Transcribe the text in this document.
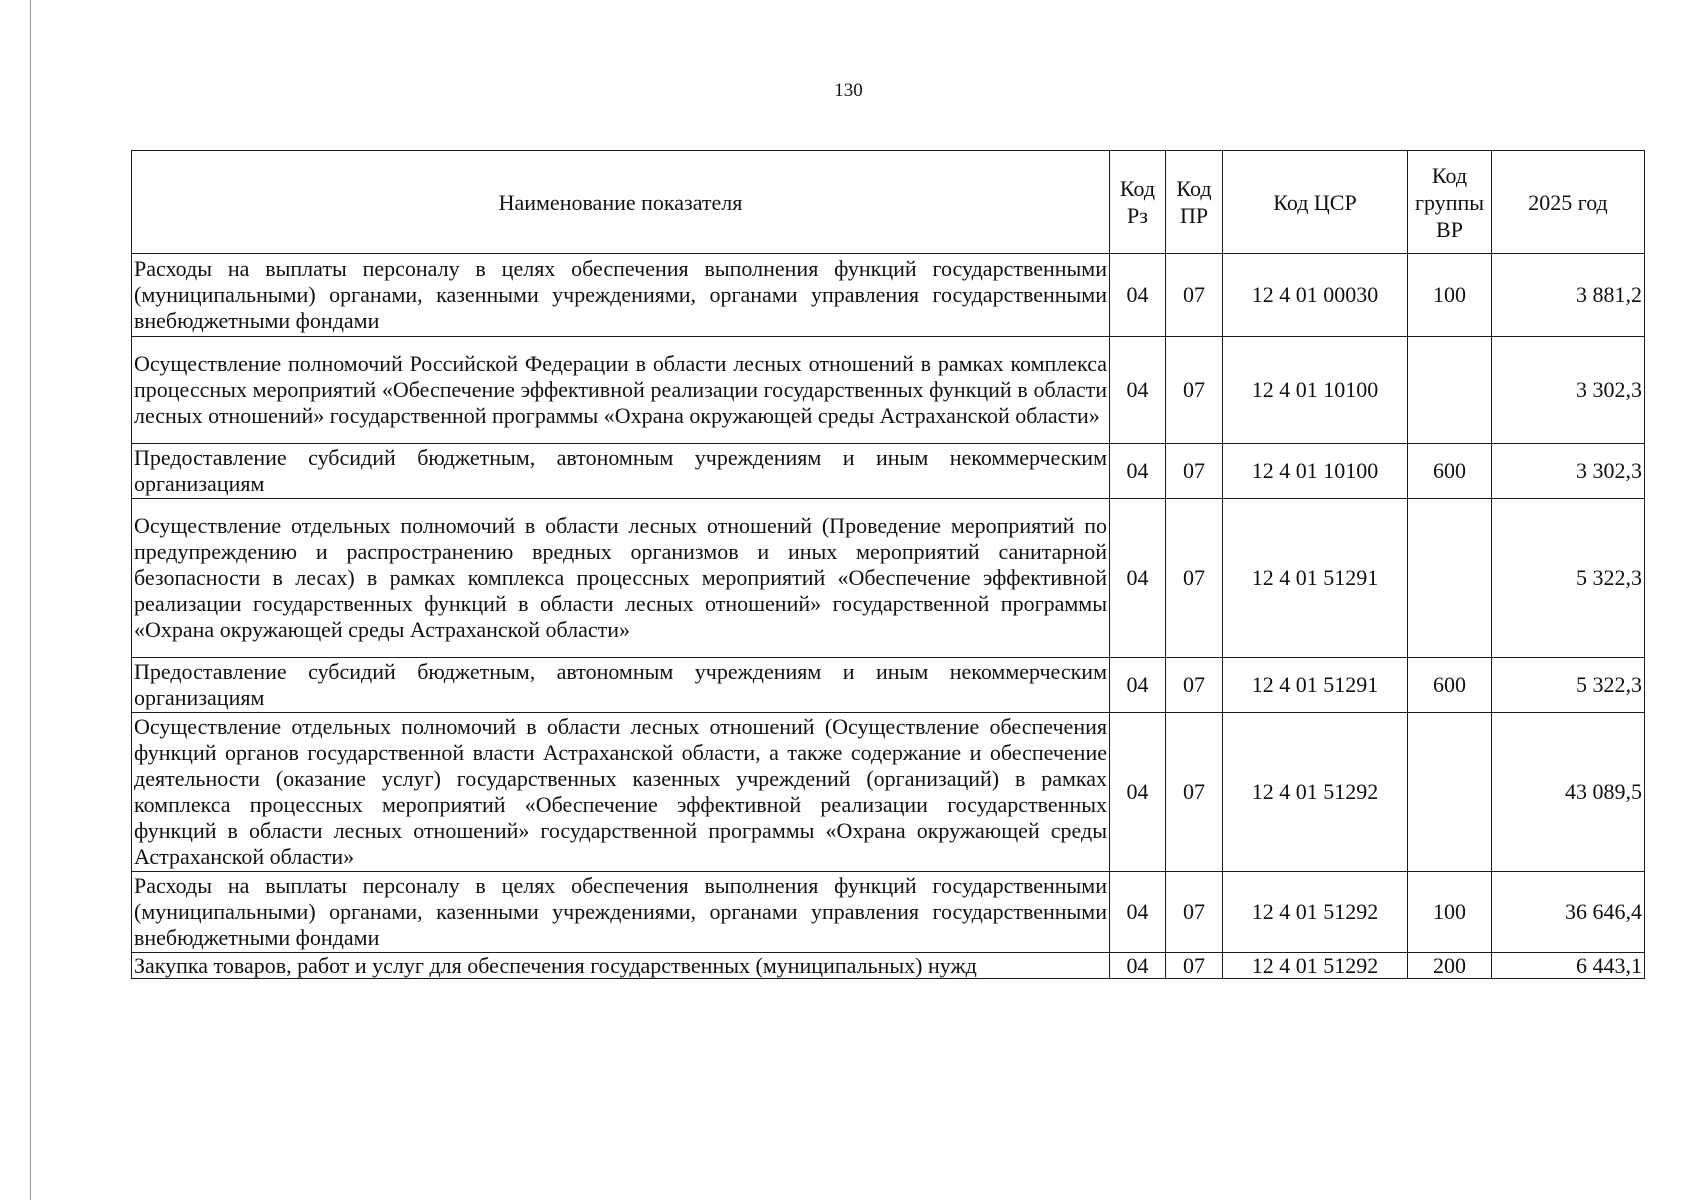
130
Наименование показателя	Код Рз	Код ПР	Код ЦСР	Код группы ВР	2025 год
Расходы на выплаты персоналу в целях обеспечения выполнения функций государственными (муниципальными) органами, казенными учреждениями, органами управления государственными внебюджетными фондами	04	07	12 4 01 00030	100	3 881,2
Осуществление полномочий Российской Федерации в области лесных отношений в рамках комплекса процессных мероприятий «Обеспечение эффективной реализации государственных функций в области лесных отношений» государственной программы «Охрана окружающей среды Астраханской области»	04	07	12 4 01 10100		3 302,3
Предоставление субсидий бюджетным, автономным учреждениям и иным некоммерческим организациям	04	07	12 4 01 10100	600	3 302,3
Осуществление отдельных полномочий в области лесных отношений (Проведение мероприятий по предупреждению и распространению вредных организмов и иных мероприятий санитарной безопасности в лесах) в рамках комплекса процессных мероприятий «Обеспечение эффективной реализации государственных функций в области лесных отношений» государственной программы «Охрана окружающей среды Астраханской области»	04	07	12 4 01 51291		5 322,3
Предоставление субсидий бюджетным, автономным учреждениям и иным некоммерческим организациям	04	07	12 4 01 51291	600	5 322,3
Осуществление отдельных полномочий в области лесных отношений (Осуществление обеспечения функций органов государственной власти Астраханской области, а также содержание и обеспечение деятельности (оказание услуг) государственных казенных учреждений (организаций) в рамках комплекса процессных мероприятий «Обеспечение эффективной реализации государственных функций в области лесных отношений» государственной программы «Охрана окружающей среды Астраханской области»	04	07	12 4 01 51292		43 089,5
Расходы на выплаты персоналу в целях обеспечения выполнения функций государственными (муниципальными) органами, казенными учреждениями, органами управления государственными внебюджетными фондами	04	07	12 4 01 51292	100	36 646,4
Закупка товаров, работ и услуг для обеспечения государственных (муниципальных) нужд	04	07	12 4 01 51292	200	6 443,1
